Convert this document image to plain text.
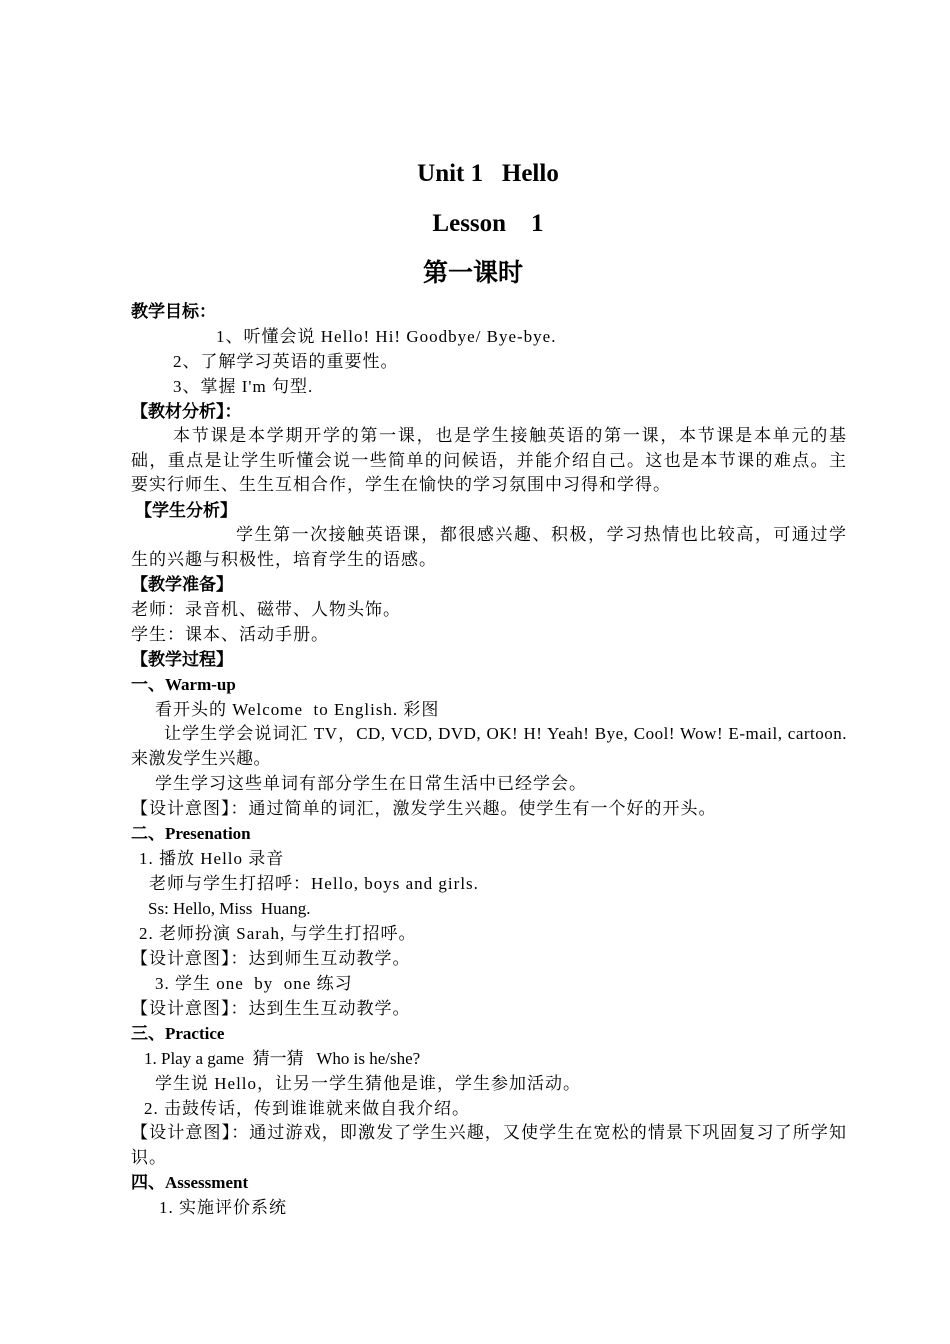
Unit 1   Hello
Lesson    1
第一课时
教学目标：
1、听懂会说 Hello! Hi! Goodbye/ Bye-bye.
2、了解学习英语的重要性。
3、掌握 I'm 句型.
【教材分析】：
本节课是本学期开学的第一课，也是学生接触英语的第一课，本节课是本单元的基础，重点是让学生听懂会说一些简单的问候语，并能介绍自己。这也是本节课的难点。主要实行师生、生生互相合作，学生在愉快的学习氛围中习得和学得。
【学生分析】
学生第一次接触英语课，都很感兴趣、积极，学习热情也比较高，可通过学生的兴趣与积极性，培育学生的语感。
【教学准备】
老师：录音机、磁带、人物头饰。
学生：课本、活动手册。
【教学过程】
一、Warm-up
看开头的 Welcome  to English. 彩图
让学生学会说词汇 TV，CD, VCD, DVD, OK! H! Yeah! Bye, Cool! Wow! E-mail, cartoon. 来激发学生兴趣。
学生学习这些单词有部分学生在日常生活中已经学会。
【设计意图】：通过简单的词汇，激发学生兴趣。使学生有一个好的开头。
二、Presenation
1. 播放 Hello 录音
老师与学生打招呼：Hello, boys and girls.
Ss: Hello, Miss  Huang.
2. 老师扮演 Sarah, 与学生打招呼。
【设计意图】：达到师生互动教学。
3. 学生 one  by  one 练习
【设计意图】：达到生生互动教学。
三、Practice
1. Play a game  猜一猜   Who is he/she?
学生说 Hello，让另一学生猜他是谁，学生参加活动。
2. 击鼓传话，传到谁谁就来做自我介绍。
【设计意图】：通过游戏，即激发了学生兴趣，又使学生在宽松的情景下巩固复习了所学知识。
四、Assessment
1. 实施评价系统
